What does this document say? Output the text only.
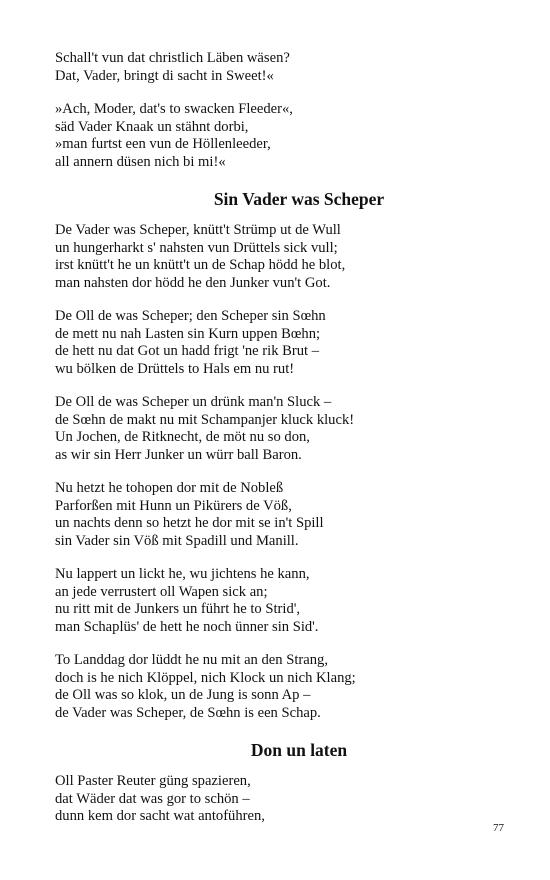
Schall't vun dat christlich Läben wäsen?
Dat, Vader, bringt di sacht in Sweet!«
»Ach, Moder, dat's to swacken Fleeder«,
säd Vader Knaak un stähnt dorbi,
»man furtst een vun de Höllenleeder,
all annern düsen nich bi mi!«
Sin Vader was Scheper
De Vader was Scheper, knütt't Strümp ut de Wull
un hungerharkt s' nahsten vun Drüttels sick vull;
irst knütt't he un knütt't un de Schap hödd he blot,
man nahsten dor hödd he den Junker vun't Got.
De Oll de was Scheper; den Scheper sin Sœhn
de mett nu nah Lasten sin Kurn uppen Bœhn;
de hett nu dat Got un hadd frigt 'ne rik Brut –
wu bölken de Drüttels to Hals em nu rut!
De Oll de was Scheper un drünk man'n Sluck –
de Sœhn de makt nu mit Schampanjer kluck kluck!
Un Jochen, de Ritknecht, de möt nu so don,
as wir sin Herr Junker un würr ball Baron.
Nu hetzt he tohopen dor mit de Nobleß
Parforßen mit Hunn un Pikürers de Vöß,
un nachts denn so hetzt he dor mit se in't Spill
sin Vader sin Vöß mit Spadill und Manill.
Nu lappert un lickt he, wu jichtens he kann,
an jede verrustert oll Wapen sick an;
nu ritt mit de Junkers un führt he to Strid',
man Schaplüs' de hett he noch ünner sin Sid'.
To Landdag dor lüddt he nu mit an den Strang,
doch is he nich Klöppel, nich Klock un nich Klang;
de Oll was so klok, un de Jung is sonn Ap –
de Vader was Scheper, de Sœhn is een Schap.
Don un laten
Oll Paster Reuter güng spazieren,
dat Wäder dat was gor to schön –
dunn kem dor sacht wat antoführen,
77
